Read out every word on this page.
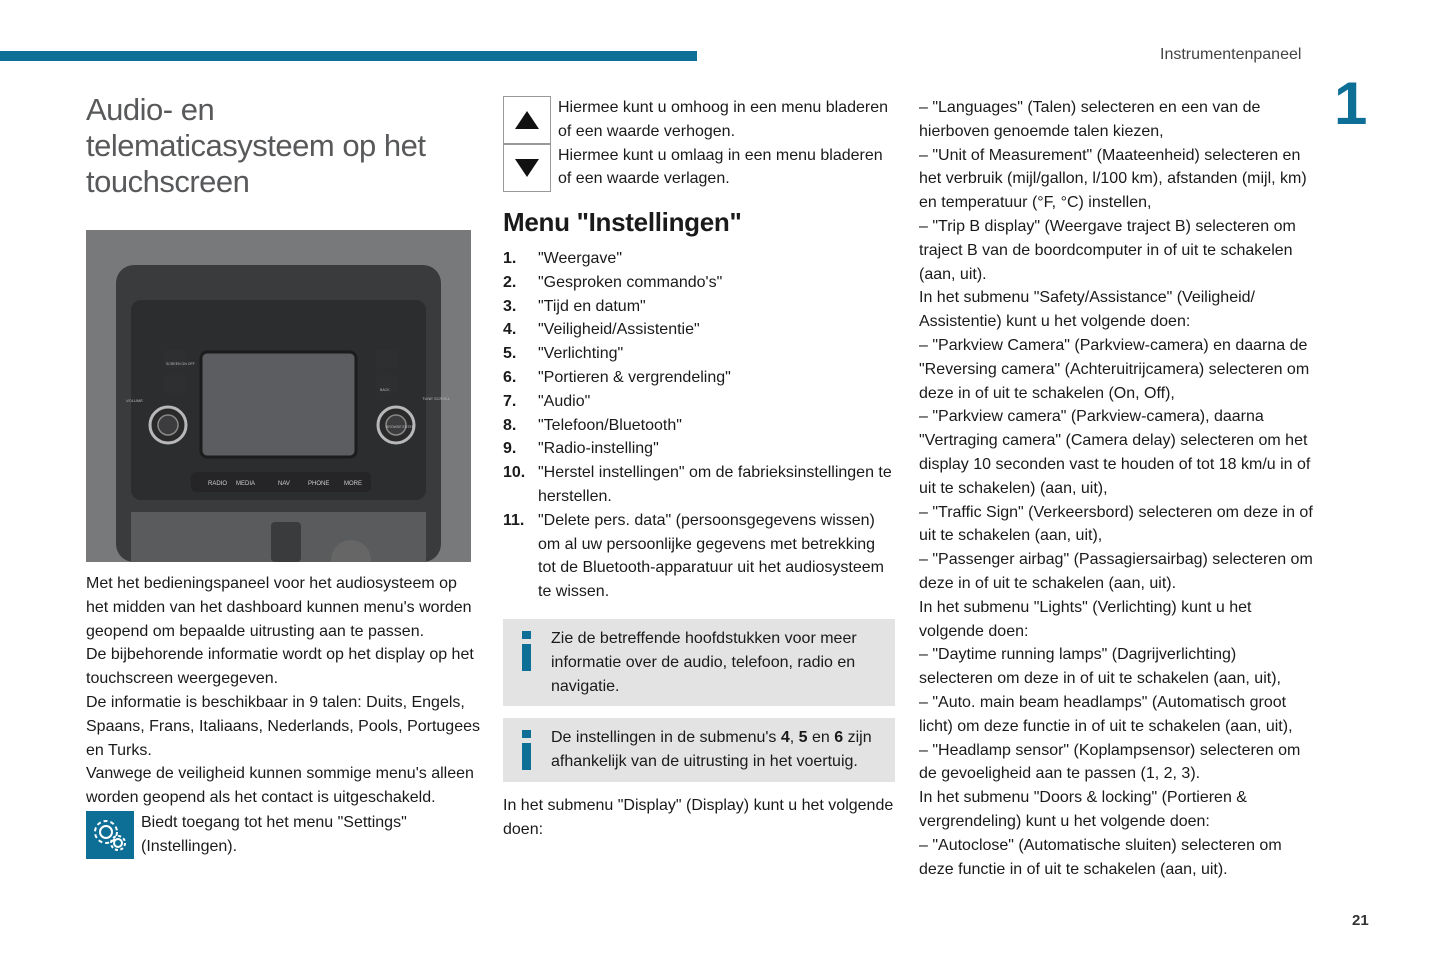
Instrumentenpaneel
1
21
Audio- en
telematicasysteem op het
touchscreen
RADIO MEDIA	NAV	PHONE MORE
VOLUME	TUNE SCROLL
BROWSE ENTER
SCREEN ON OFF
BACK

Met het bedieningspaneel voor het audiosysteem op het midden van het dashboard kunnen menu's worden geopend om bepaalde uitrusting aan te passen.

De bijbehorende informatie wordt op het display op het touchscreen weergegeven.

De informatie is beschikbaar in 9 talen: Duits, Engels, Spaans, Frans, Italiaans, Nederlands, Pools, Portugees en Turks.

Vanwege de veiligheid kunnen sommige menu's alleen worden geopend als het contact is uitgeschakeld.

Biedt toegang tot het menu "Settings" (Instellingen).
Hiermee kunt u omhoog in een menu bladeren of een waarde verhogen.
Hiermee kunt u omlaag in een menu bladeren of een waarde verlagen.
Menu "Instellingen"
1.	"Weergave"
2.	"Gesproken commando's"
3.	"Tijd en datum"
4.	"Veiligheid/Assistentie"
5.	"Verlichting"
6.	"Portieren & vergrendeling"
7.	"Audio"
8.	"Telefoon/Bluetooth"
9.	"Radio-instelling"
10. "Herstel instellingen" om de fabrieksinstellingen te herstellen.
11. "Delete pers. data" (persoonsgegevens wissen) om al uw persoonlijke gegevens met betrekking tot de Bluetooth-apparatuur uit het audiosysteem te wissen.
Zie de betreffende hoofdstukken voor meer informatie over de audio, telefoon, radio en navigatie.
De instellingen in de submenu's 4, 5 en 6 zijn afhankelijk van de uitrusting in het voertuig.

In het submenu "Display" (Display) kunt u het volgende doen:

– "Languages" (Talen) selecteren en een van de hierboven genoemde talen kiezen,

– "Unit of Measurement" (Maateenheid) selecteren en het verbruik (mijl/gallon, l/100 km), afstanden (mijl, km) en temperatuur (°F, °C) instellen,

– "Trip B display" (Weergave traject B) selecteren om traject B van de boordcomputer in of uit te schakelen (aan, uit).

In het submenu "Safety/Assistance" (Veiligheid/ Assistentie) kunt u het volgende doen:

– "Parkview Camera" (Parkview-camera) en daarna de "Reversing camera" (Achteruitrijcamera) selecteren om deze in of uit te schakelen (On, Off),

– "Parkview camera" (Parkview-camera), daarna "Vertraging camera" (Camera delay) selecteren om het display 10 seconden vast te houden of tot 18 km/u in of uit te schakelen) (aan, uit),

– "Traffic Sign" (Verkeersbord) selecteren om deze in of uit te schakelen (aan, uit),

– "Passenger airbag" (Passagiersairbag) selecteren om deze in of uit te schakelen (aan, uit).

In het submenu "Lights" (Verlichting) kunt u het volgende doen:

– "Daytime running lamps" (Dagrijverlichting) selecteren om deze in of uit te schakelen (aan, uit),

– "Auto. main beam headlamps" (Automatisch groot licht) om deze functie in of uit te schakelen (aan, uit),

– "Headlamp sensor" (Koplampsensor) selecteren om de gevoeligheid aan te passen (1, 2, 3).

In het submenu "Doors & locking" (Portieren & vergrendeling) kunt u het volgende doen:

– "Autoclose" (Automatische sluiten) selecteren om deze functie in of uit te schakelen (aan, uit).
